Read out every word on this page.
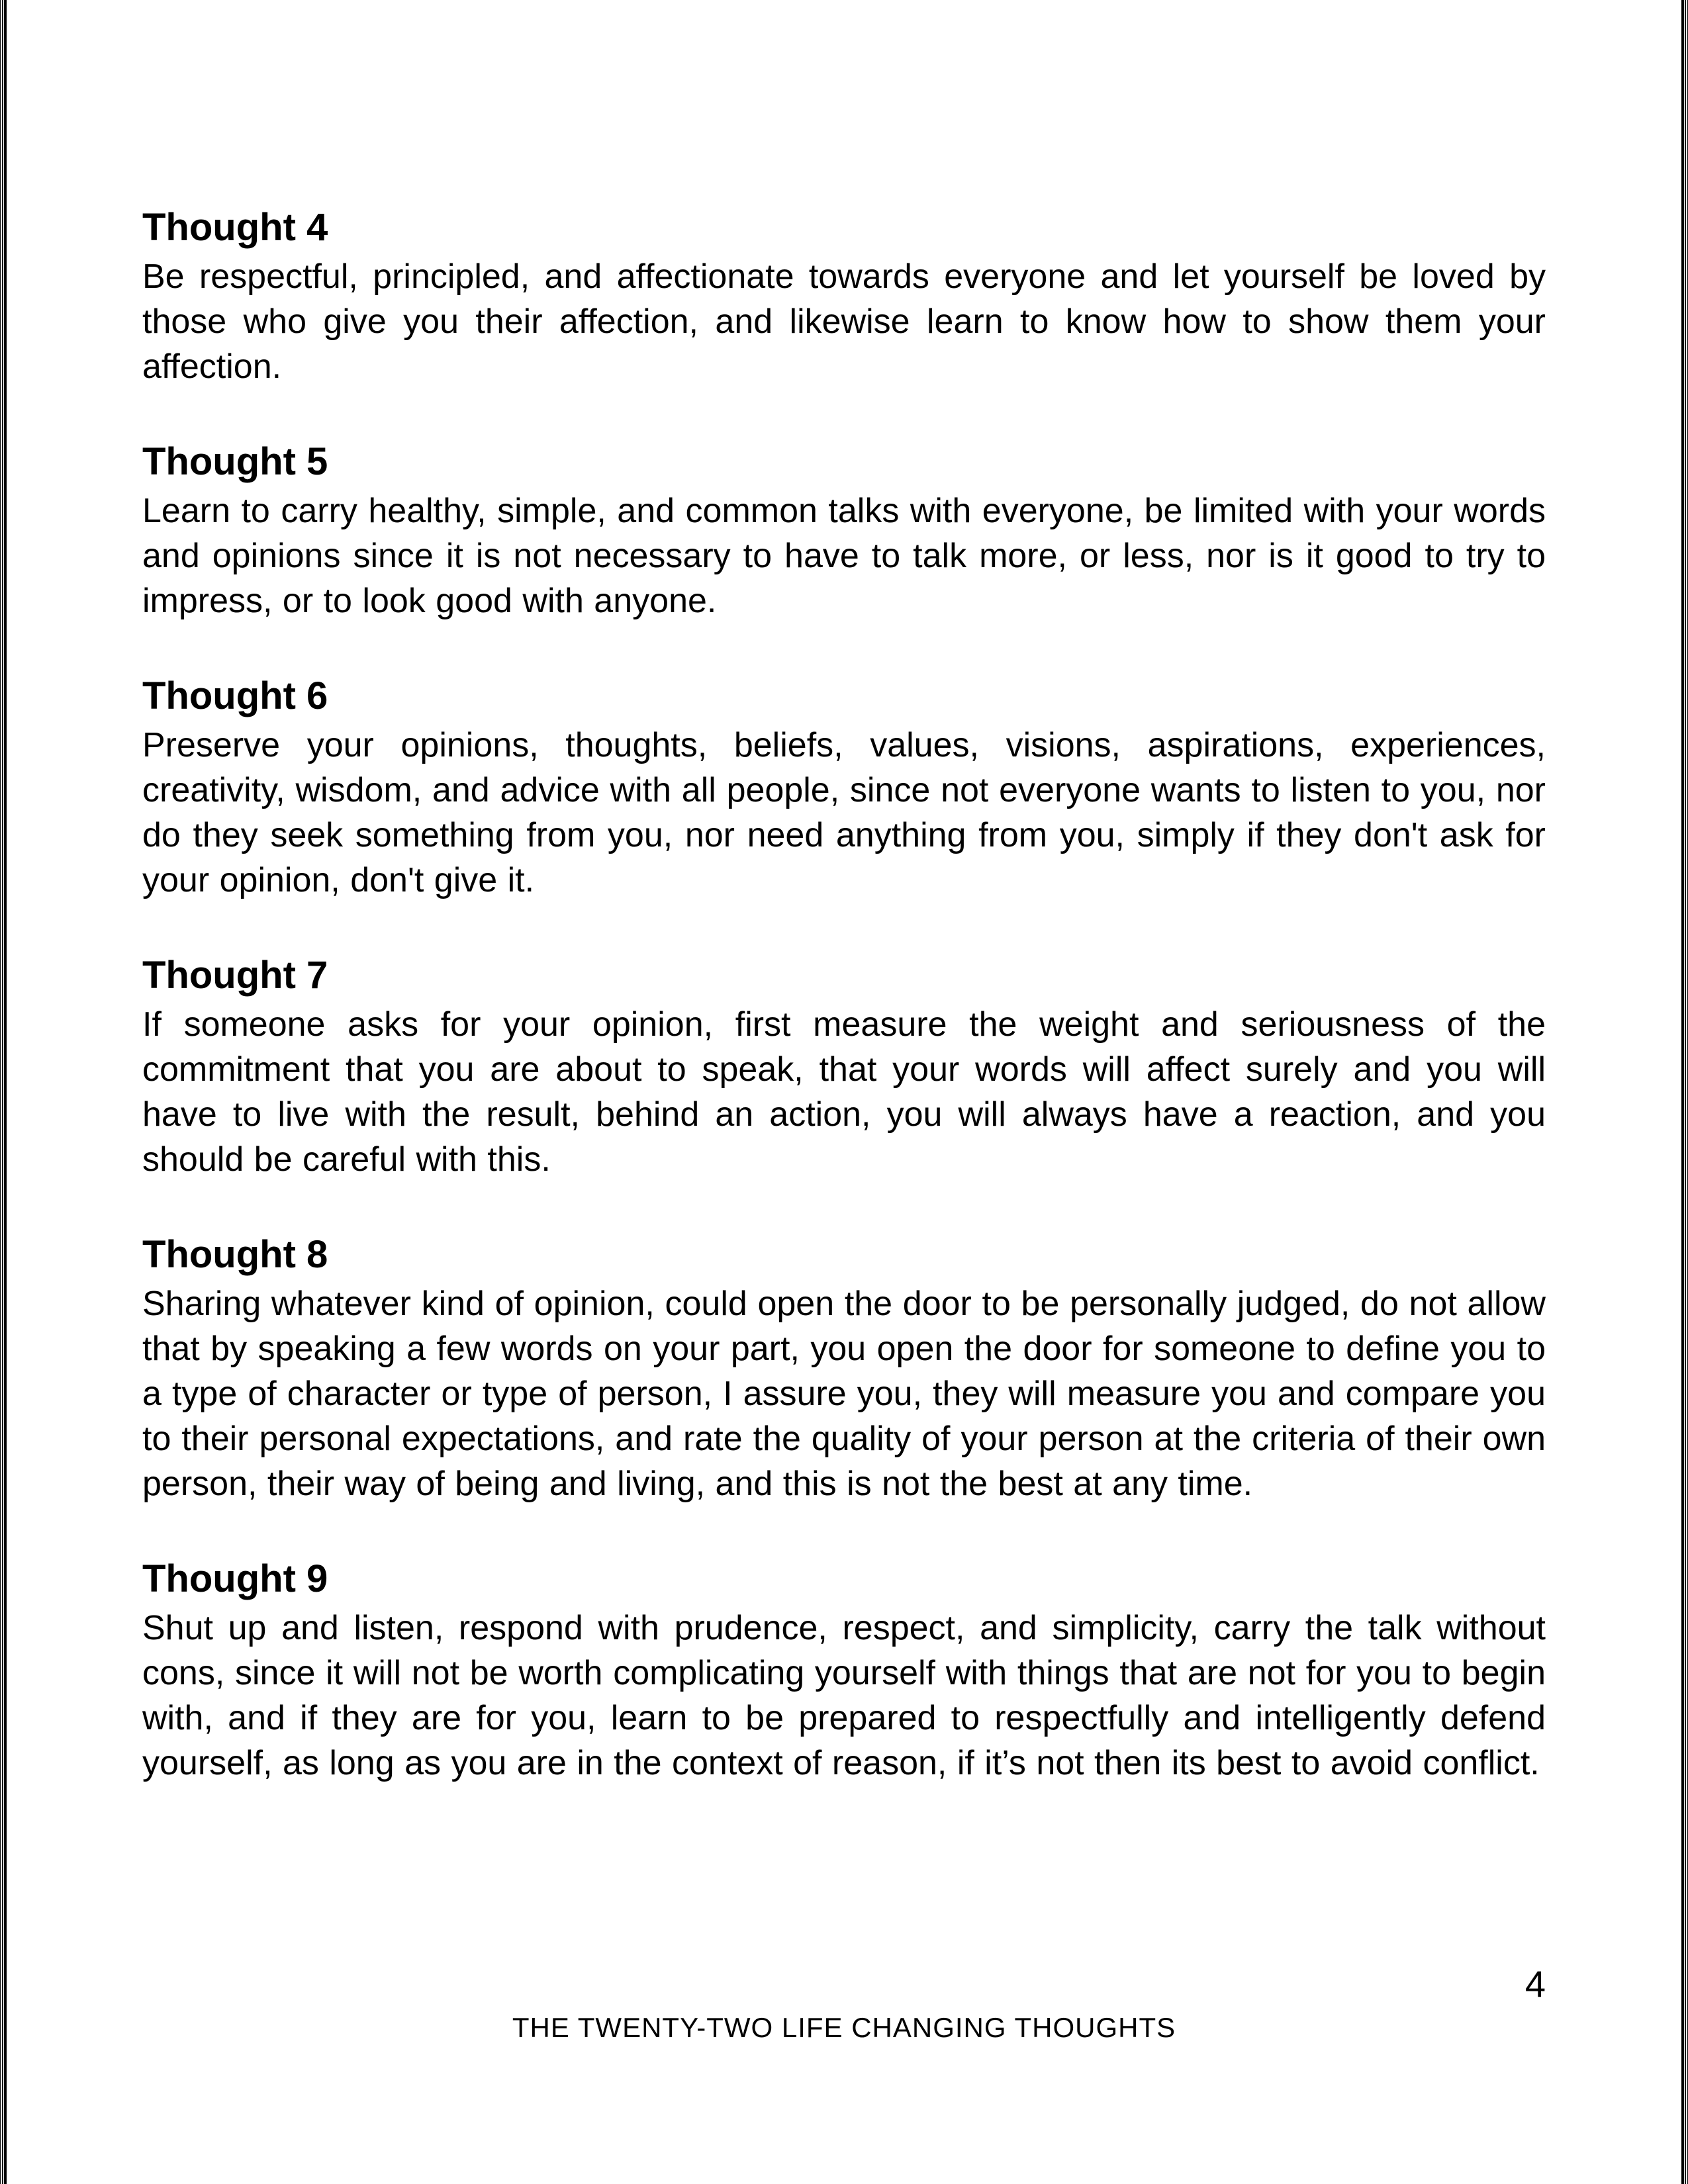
Thought 4

Be respectful, principled, and affectionate towards everyone and let yourself be loved by those who give you their affection, and likewise learn to know how to show them your affection.

Thought 5

Learn to carry healthy, simple, and common talks with everyone, be limited with your words and opinions since it is not necessary to have to talk more, or less, nor is it good to try to impress, or to look good with anyone.

Thought 6

Preserve your opinions, thoughts, beliefs, values, visions, aspirations, experiences, creativity, wisdom, and advice with all people, since not everyone wants to listen to you, nor do they seek something from you, nor need anything from you, simply if they don't ask for your opinion, don't give it.

Thought 7

If someone asks for your opinion, first measure the weight and seriousness of the commitment that you are about to speak, that your words will affect surely and you will have to live with the result, behind an action, you will always have a reaction, and you should be careful with this.

Thought 8

Sharing whatever kind of opinion, could open the door to be personally judged, do not allow that by speaking a few words on your part, you open the door for someone to define you to a type of character or type of person, I assure you, they will measure you and compare you to their personal expectations, and rate the quality of your person at the criteria of their own person, their way of being and living, and this is not the best at any time.

Thought 9

Shut up and listen, respond with prudence, respect, and simplicity, carry the talk without cons, since it will not be worth complicating yourself with things that are not for you to begin with, and if they are for you, learn to be prepared to respectfully and intelligently defend yourself, as long as you are in the context of reason, if it’s not then its best to avoid conflict.

4
THE TWENTY-TWO LIFE CHANGING THOUGHTS
